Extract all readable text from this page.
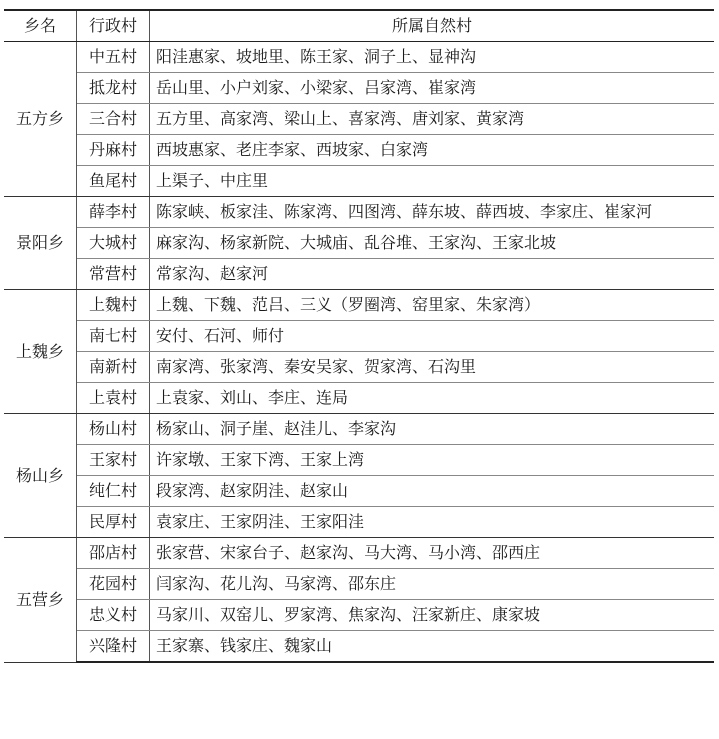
乡名	行政村	所属自然村
五方乡	中五村	阳洼惠家、坡地里、陈王家、洞子上、显神沟
	抵龙村	岳山里、小户刘家、小梁家、吕家湾、崔家湾
	三合村	五方里、高家湾、梁山上、喜家湾、唐刘家、黄家湾
	丹麻村	西坡惠家、老庄李家、西坡家、白家湾
	鱼尾村	上渠子、中庄里
景阳乡	薛李村	陈家峡、板家洼、陈家湾、四图湾、薛东坡、薛西坡、李家庄、崔家河
	大城村	麻家沟、杨家新院、大城庙、乱谷堆、王家沟、王家北坡
	常营村	常家沟、赵家河
上魏乡	上魏村	上魏、下魏、范吕、三义（罗圈湾、窑里家、朱家湾）
	南七村	安付、石河、师付
	南新村	南家湾、张家湾、秦安吴家、贺家湾、石沟里
	上袁村	上袁家、刘山、李庄、连局
杨山乡	杨山村	杨家山、洞子崖、赵洼儿、李家沟
	王家村	许家墩、王家下湾、王家上湾
	纯仁村	段家湾、赵家阴洼、赵家山
	民厚村	袁家庄、王家阴洼、王家阳洼
五营乡	邵店村	张家营、宋家台子、赵家沟、马大湾、马小湾、邵西庄
	花园村	闫家沟、花儿沟、马家湾、邵东庄
	忠义村	马家川、双窑儿、罗家湾、焦家沟、汪家新庄、康家坡
	兴隆村	王家寨、钱家庄、魏家山
